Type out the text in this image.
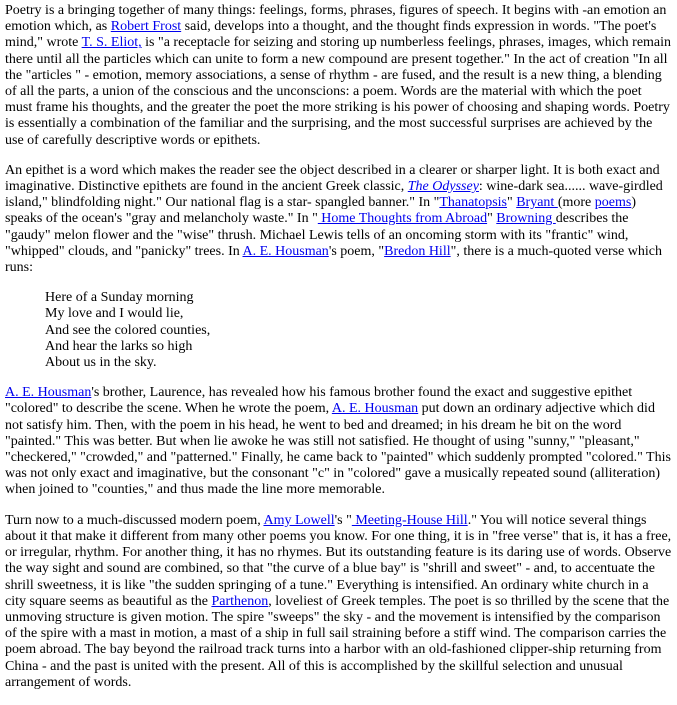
Poetry is a bringing together of many things: feelings, forms, phrases, figures of speech. It begins with -an emotion an emotion which, as Robert Frost said, develops into a thought, and the thought finds expression in words. "The poet's mind," wrote T. S. Eliot, is "a receptacle for seizing and storing up numberless feelings, phrases, images, which remain there until all the particles which can unite to form a new compound are present together." In the act of creation "In all the "articles " - emotion, memory associations, a sense of rhythm - are fused, and the result is a new thing, a blending of all the parts, a union of the conscious and the unconscions: a poem. Words are the material with which the poet must frame his thoughts, and the greater the poet the more striking is his power of choosing and shaping words. Poetry is essentially a combination of the familiar and the surprising, and the most successful surprises are achieved by the use of carefully descriptive words or epithets.

An epithet is a word which makes the reader see the object described in a clearer or sharper light. It is both exact and imaginative. Distinctive epithets are found in the ancient Greek classic, The Odyssey: wine-dark sea...... wave-girdled island," blindfolding night." Our national flag is a star- spangled banner." In "Thanatopsis" Bryant (more poems) speaks of the ocean's "gray and melancholy waste." In " Home Thoughts from Abroad" Browning describes the "gaudy" melon flower and the "wise" thrush. Michael Lewis tells of an oncoming storm with its "frantic" wind, "whipped" clouds, and "panicky" trees. In A. E. Housman's poem, "Bredon Hill", there is a much-quoted verse which runs:

Here of a Sunday morning
My love and I would lie,
And see the colored counties,
And hear the larks so high
About us in the sky.

A. E. Housman's brother, Laurence, has revealed how his famous brother found the exact and suggestive epithet "colored" to describe the scene. When he wrote the poem, A. E. Housman put down an ordinary adjective which did not satisfy him. Then, with the poem in his head, he went to bed and dreamed; in his dream he bit on the word "painted." This was better. But when lie awoke he was still not satisfied. He thought of using "sunny," "pleasant," "checkered," "crowded," and "patterned." Finally, he came back to "painted" which suddenly prompted "colored." This was not only exact and imaginative, but the consonant "c" in "colored" gave a musically repeated sound (alliteration) when joined to "counties," and thus made the line more memorable.

Turn now to a much-discussed modern poem, Amy Lowell's " Meeting-House Hill." You will notice several things about it that make it different from many other poems you know. For one thing, it is in "free verse" that is, it has a free, or irregular, rhythm. For another thing, it has no rhymes. But its outstanding feature is its daring use of words. Observe the way sight and sound are combined, so that "the curve of a blue bay" is "shrill and sweet" - and, to accentuate the shrill sweetness, it is like "the sudden springing of a tune." Everything is intensified. An ordinary white church in a city square seems as beautiful as the Parthenon, loveliest of Greek temples. The poet is so thrilled by the scene that the unmoving structure is given motion. The spire "sweeps" the sky - and the movement is intensified by the comparison of the spire with a mast in motion, a mast of a ship in full sail straining before a stiff wind. The comparison carries the poem abroad. The bay beyond the railroad track turns into a harbor with an old-fashioned clipper-ship returning from China - and the past is united with the present. All of this is accomplished by the skillful selection and unusual arrangement of words.
